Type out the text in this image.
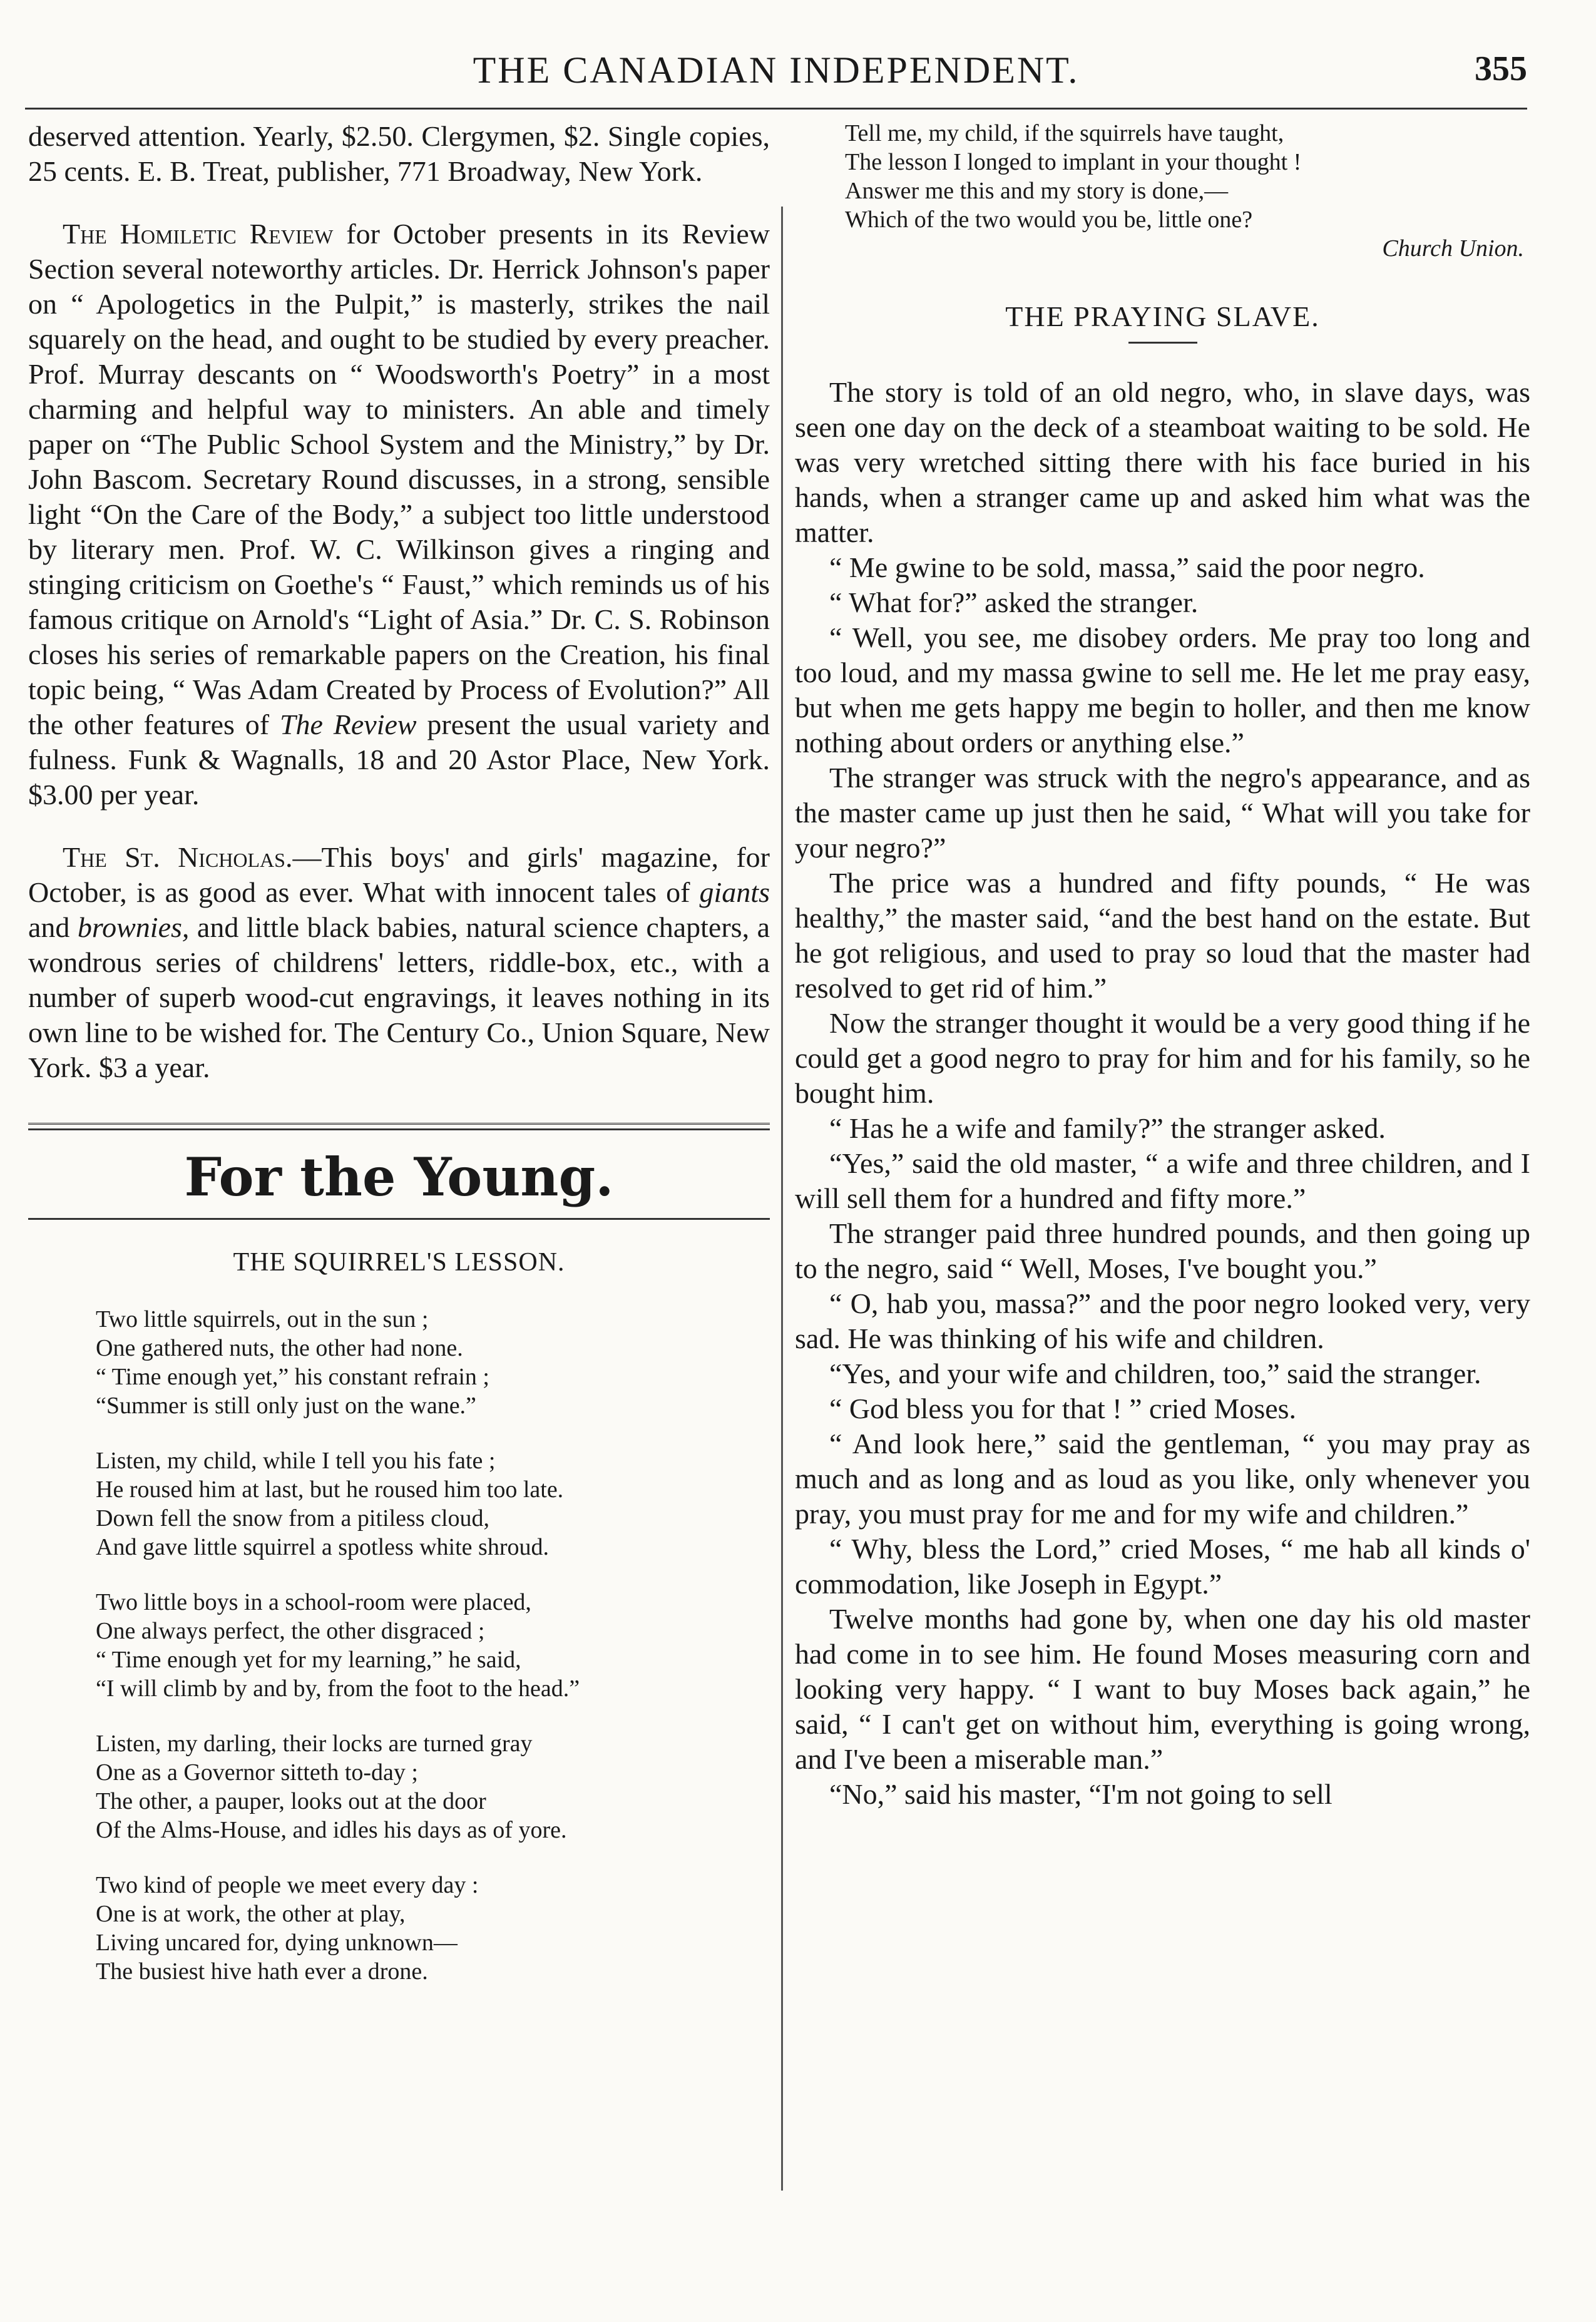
THE CANADIAN INDEPENDENT.	355

deserved attention. Yearly, $2.50. Clergymen, $2. Single copies, 25 cents. E. B. Treat, publisher, 771 Broadway, New York.

The Homiletic Review for October presents in its Review Section several noteworthy articles. Dr. Herrick Johnson's paper on “ Apologetics in the Pulpit,” is masterly, strikes the nail squarely on the head, and ought to be studied by every preacher. Prof. Murray descants on “ Woodsworth's Poetry” in a most charming and helpful way to ministers. An able and timely paper on “The Public School System and the Ministry,” by Dr. John Bascom. Secretary Round discusses, in a strong, sensible light “On the Care of the Body,” a subject too little understood by literary men. Prof. W. C. Wilkinson gives a ringing and stinging criticism on Goethe's “ Faust,” which reminds us of his famous critique on Arnold's “Light of Asia.” Dr. C. S. Robinson closes his series of remarkable papers on the Creation, his final topic being, “ Was Adam Created by Process of Evolution?” All the other features of The Review present the usual variety and fulness. Funk & Wagnalls, 18 and 20 Astor Place, New York. $3.00 per year.

The St. Nicholas.—This boys' and girls' magazine, for October, is as good as ever. What with innocent tales of giants and brownies, and little black babies, natural science chapters, a wondrous series of childrens' letters, riddle-box, etc., with a number of superb wood-cut engravings, it leaves nothing in its own line to be wished for. The Century Co., Union Square, New York. $3 a year.

For the Young.
THE SQUIRREL'S LESSON.
Two little squirrels, out in the sun ;
One gathered nuts, the other had none.
“ Time enough yet,” his constant refrain ;
“Summer is still only just on the wane.”
Listen, my child, while I tell you his fate ;
He roused him at last, but he roused him too late.
Down fell the snow from a pitiless cloud,
And gave little squirrel a spotless white shroud.
Two little boys in a school-room were placed,
One always perfect, the other disgraced ;
“ Time enough yet for my learning,” he said,
“I will climb by and by, from the foot to the head.”
Listen, my darling, their locks are turned gray
One as a Governor sitteth to-day ;
The other, a pauper, looks out at the door
Of the Alms-House, and idles his days as of yore.
Two kind of people we meet every day :
One is at work, the other at play,
Living uncared for, dying unknown—
The busiest hive hath ever a drone.
Tell me, my child, if the squirrels have taught,
The lesson I longed to implant in your thought !
Answer me this and my story is done,—
Which of the two would you be, little one?
Church Union.
THE PRAYING SLAVE.

The story is told of an old negro, who, in slave days, was seen one day on the deck of a steamboat waiting to be sold. He was very wretched sitting there with his face buried in his hands, when a stranger came up and asked him what was the matter.

“ Me gwine to be sold, massa,” said the poor negro.

“ What for?” asked the stranger.

“ Well, you see, me disobey orders. Me pray too long and too loud, and my massa gwine to sell me. He let me pray easy, but when me gets happy me begin to holler, and then me know nothing about orders or anything else.”

The stranger was struck with the negro's appearance, and as the master came up just then he said, “ What will you take for your negro?”

The price was a hundred and fifty pounds, “ He was healthy,” the master said, “and the best hand on the estate. But he got religious, and used to pray so loud that the master had resolved to get rid of him.”

Now the stranger thought it would be a very good thing if he could get a good negro to pray for him and for his family, so he bought him.

“ Has he a wife and family?” the stranger asked.

“Yes,” said the old master, “ a wife and three children, and I will sell them for a hundred and fifty more.”

The stranger paid three hundred pounds, and then going up to the negro, said “ Well, Moses, I've bought you.”

“ O, hab you, massa?” and the poor negro looked very, very sad. He was thinking of his wife and children.

“Yes, and your wife and children, too,” said the stranger.

“ God bless you for that ! ” cried Moses.

“ And look here,” said the gentleman, “ you may pray as much and as long and as loud as you like, only whenever you pray, you must pray for me and for my wife and children.”

“ Why, bless the Lord,” cried Moses, “ me hab all kinds o' commodation, like Joseph in Egypt.”

Twelve months had gone by, when one day his old master had come in to see him. He found Moses measuring corn and looking very happy. “ I want to buy Moses back again,” he said, “ I can't get on without him, everything is going wrong, and I've been a miserable man.”

“No,” said his master, “I'm not going to sell
